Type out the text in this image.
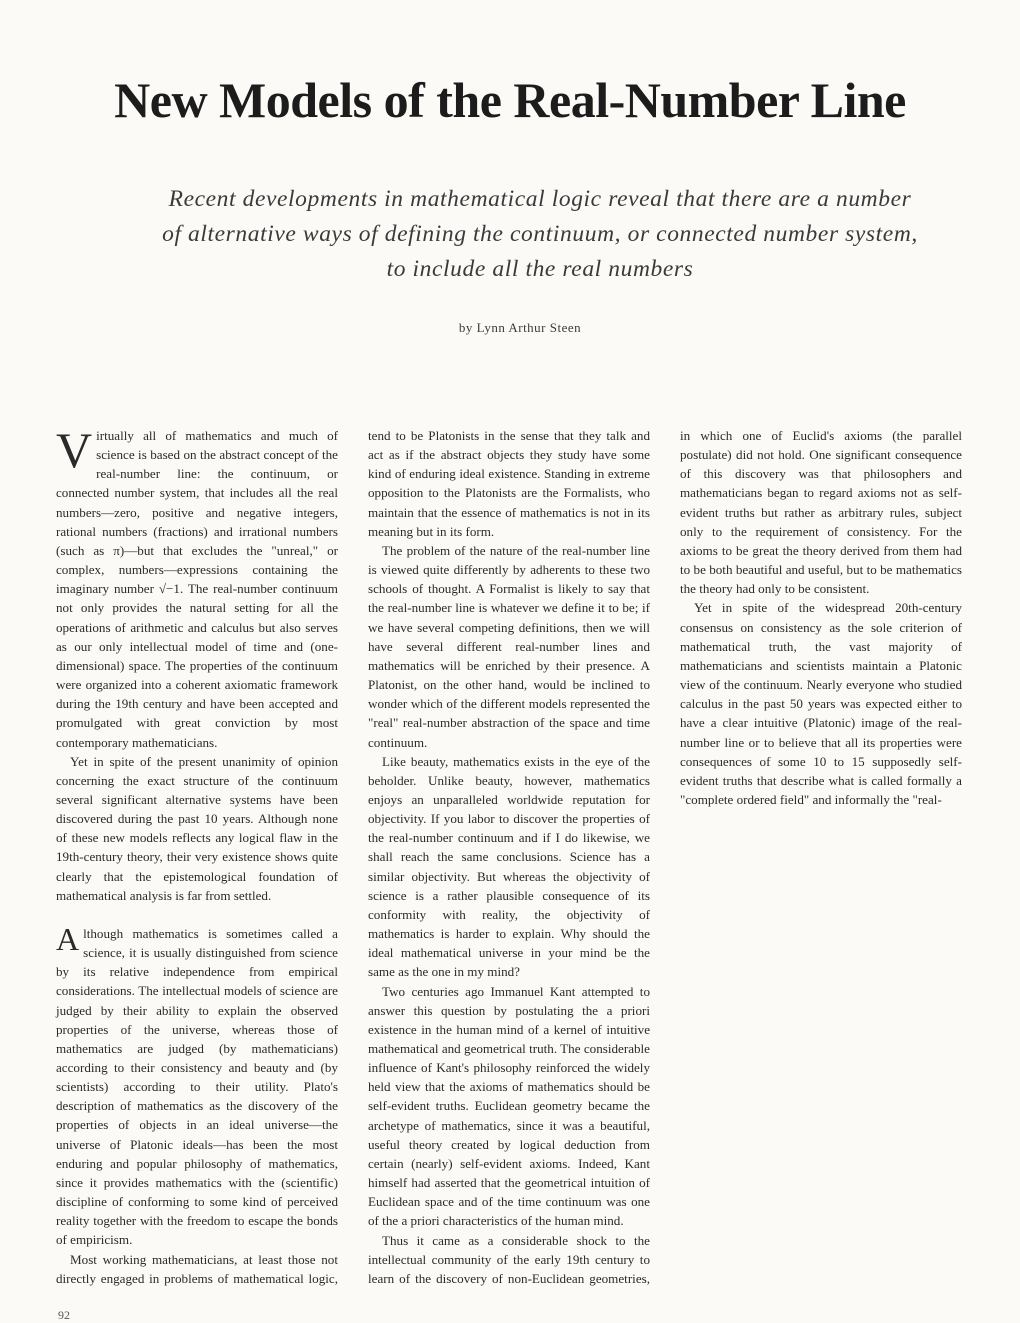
New Models of the Real-Number Line
Recent developments in mathematical logic reveal that there are a number of alternative ways of defining the continuum, or connected number system, to include all the real numbers
by Lynn Arthur Steen

Virtually all of mathematics and much of science is based on the abstract concept of the real-number line: the continuum, or connected number system, that includes all the real numbers—zero, positive and negative integers, rational numbers (fractions) and irrational numbers (such as π)—but that excludes the "unreal," or complex, numbers—expressions containing the imaginary number √−1. The real-number continuum not only provides the natural setting for all the operations of arithmetic and calculus but also serves as our only intellectual model of time and (one-dimensional) space. The properties of the continuum were organized into a coherent axiomatic framework during the 19th century and have been accepted and promulgated with great conviction by most contemporary mathematicians.

Yet in spite of the present unanimity of opinion concerning the exact structure of the continuum several significant alternative systems have been discovered during the past 10 years. Although none of these new models reflects any logical flaw in the 19th-century theory, their very existence shows quite clearly that the epistemological foundation of mathematical analysis is far from settled.

Although mathematics is sometimes called a science, it is usually distinguished from science by its relative independence from empirical considerations. The intellectual models of science are judged by their ability to explain the observed properties of the universe, whereas those of mathematics are judged (by mathematicians) according to their consistency and beauty and (by scientists) according to their utility. Plato's description of mathematics as the discovery of the properties of objects in an ideal universe—the universe of Platonic ideals—has been the most enduring and popular philosophy of mathematics, since it provides mathematics with the (scientific) discipline of conforming to some kind of perceived reality together with the freedom to escape the bonds of empiricism.

Most working mathematicians, at least those not directly engaged in problems of mathematical logic, tend to be Platonists in the sense that they talk and act as if the abstract objects they study have some kind of enduring ideal existence. Standing in extreme opposition to the Platonists are the Formalists, who maintain that the essence of mathematics is not in its meaning but in its form.

The problem of the nature of the real-number line is viewed quite differently by adherents to these two schools of thought. A Formalist is likely to say that the real-number line is whatever we define it to be; if we have several competing definitions, then we will have several different real-number lines and mathematics will be enriched by their presence. A Platonist, on the other hand, would be inclined to wonder which of the different models represented the "real" real-number abstraction of the space and time continuum.

Like beauty, mathematics exists in the eye of the beholder. Unlike beauty, however, mathematics enjoys an unparalleled worldwide reputation for objectivity. If you labor to discover the properties of the real-number continuum and if I do likewise, we shall reach the same conclusions. Science has a similar objectivity. But whereas the objectivity of science is a rather plausible consequence of its conformity with reality, the objectivity of mathematics is harder to explain. Why should the ideal mathematical universe in your mind be the same as the one in my mind?

Two centuries ago Immanuel Kant attempted to answer this question by postulating the a priori existence in the human mind of a kernel of intuitive mathematical and geometrical truth. The considerable influence of Kant's philosophy reinforced the widely held view that the axioms of mathematics should be self-evident truths. Euclidean geometry became the archetype of mathematics, since it was a beautiful, useful theory created by logical deduction from certain (nearly) self-evident axioms. Indeed, Kant himself had asserted that the geometrical intuition of Euclidean space and of the time continuum was one of the a priori characteristics of the human mind.

Thus it came as a considerable shock to the intellectual community of the early 19th century to learn of the discovery of non-Euclidean geometries, in which one of Euclid's axioms (the parallel postulate) did not hold. One significant consequence of this discovery was that philosophers and mathematicians began to regard axioms not as self-evident truths but rather as arbitrary rules, subject only to the requirement of consistency. For the axioms to be great the theory derived from them had to be both beautiful and useful, but to be mathematics the theory had only to be consistent.

Yet in spite of the widespread 20th-century consensus on consistency as the sole criterion of mathematical truth, the vast majority of mathematicians and scientists maintain a Platonic view of the continuum. Nearly everyone who studied calculus in the past 50 years was expected either to have a clear intuitive (Platonic) image of the real-number line or to believe that all its properties were consequences of some 10 to 15 supposedly self-evident truths that describe what is called formally a "complete ordered field" and informally the "real-

92
